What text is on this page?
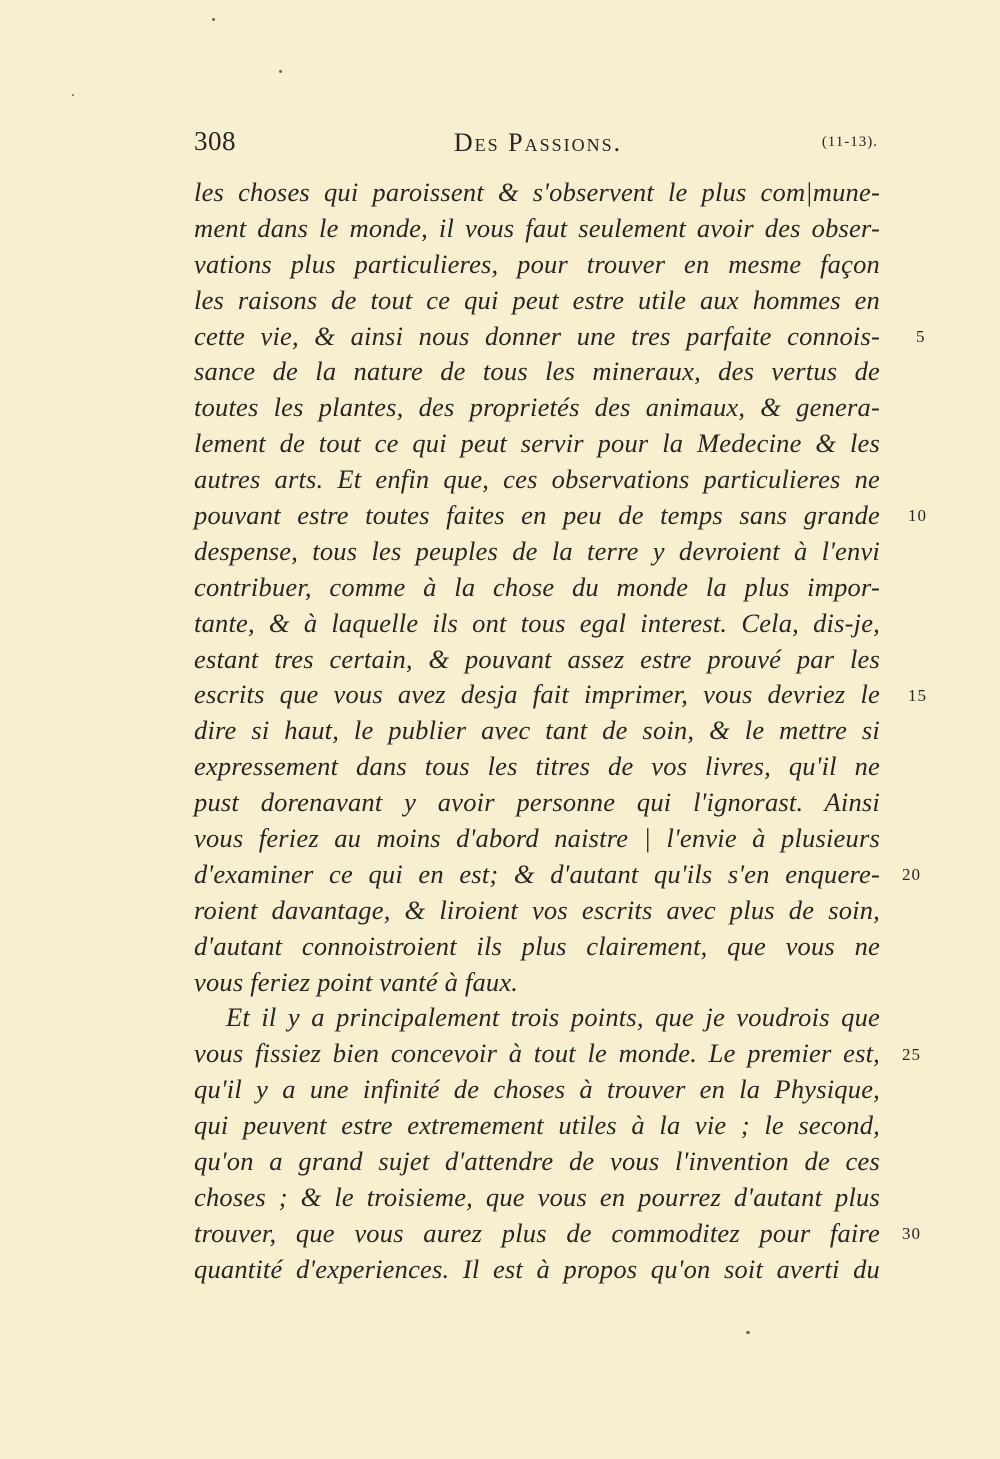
308	Des Passions.	(11-13).
les choses qui paroissent & s'observent le plus com|mune-
ment dans le monde, il vous faut seulement avoir des obser-
vations plus particulieres, pour trouver en mesme façon
les raisons de tout ce qui peut estre utile aux hommes en
cette vie, & ainsi nous donner une tres parfaite connois-
sance de la nature de tous les mineraux, des vertus de
toutes les plantes, des proprietés des animaux, & genera-
lement de tout ce qui peut servir pour la Medecine & les
autres arts. Et enfin que, ces observations particulieres ne
pouvant estre toutes faites en peu de temps sans grande
despense, tous les peuples de la terre y devroient à l'envi
contribuer, comme à la chose du monde la plus impor-
tante, & à laquelle ils ont tous egal interest. Cela, dis-je,
estant tres certain, & pouvant assez estre prouvé par les
escrits que vous avez desja fait imprimer, vous devriez le
dire si haut, le publier avec tant de soin, & le mettre si
expressement dans tous les titres de vos livres, qu'il ne
pust dorenavant y avoir personne qui l'ignorast. Ainsi
vous feriez au moins d'abord naistre | l'envie à plusieurs
d'examiner ce qui en est; & d'autant qu'ils s'en enquere-
roient davantage, & liroient vos escrits avec plus de soin,
d'autant connoistroient ils plus clairement, que vous ne
vous feriez point vanté à faux.
Et il y a principalement trois points, que je voudrois que
vous fissiez bien concevoir à tout le monde. Le premier est,
qu'il y a une infinité de choses à trouver en la Physique,
qui peuvent estre extremement utiles à la vie ; le second,
qu'on a grand sujet d'attendre de vous l'invention de ces
choses ; & le troisieme, que vous en pourrez d'autant plus
trouver, que vous aurez plus de commoditez pour faire
quantité d'experiences. Il est à propos qu'on soit averti du
5
10
15
20
25
30
